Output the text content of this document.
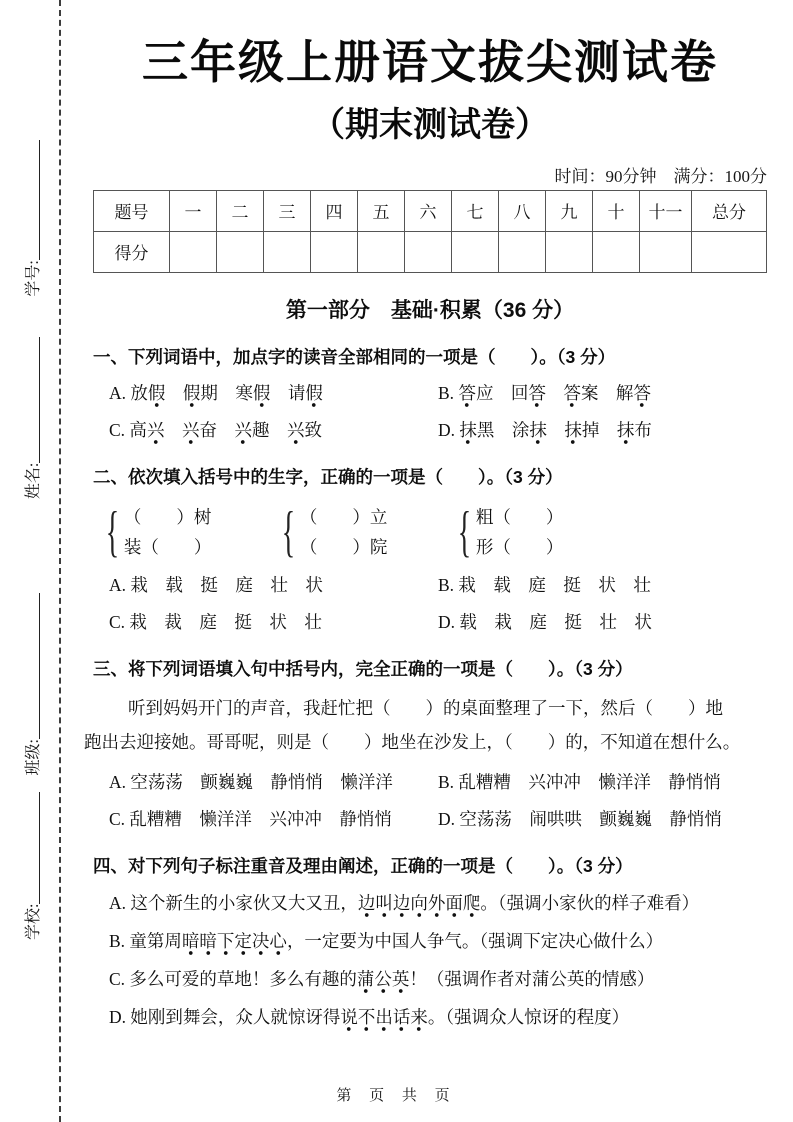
学校:
班级:
姓名:
学号:
三年级上册语文拔尖测试卷
（期末测试卷）
时间：90分钟　满分：100分
题号	一	二	三	四	五	六	七	八	九	十	十一	总分
得分												
第一部分　基础·积累（36 分）
一、下列词语中，加点字的读音全部相同的一项是（　　）。（3 分）
A. 放假　 假期　寒假　请假	B. 答应　回答　 答案　解答
C. 高兴　 兴奋　兴趣　兴致	D. 抹黑　涂抹　 抹掉　抹布
二、依次填入括号中的生字，正确的一项是（　　）。（3 分）
{ （　　）树
装（　　） { （　　）立
（　　）院 { 粗（　　）
形（　　）
A. 栽　载　挺　庭　壮　状	B. 栽　载　庭　挺　状　壮
C. 栽　裁　庭　挺　状　壮	D. 载　栽　庭　挺　壮　状
三、将下列词语填入句中括号内，完全正确的一项是（　　）。（3 分）
听到妈妈开门的声音，我赶忙把（　　）的桌面整理了一下，然后（　　）地
跑出去迎接她。哥哥呢，则是（　　）地坐在沙发上，（　　）的，不知道在想什么。
A. 空荡荡　颤巍巍　静悄悄　懒洋洋	B. 乱糟糟　兴冲冲　懒洋洋　静悄悄
C. 乱糟糟　懒洋洋　兴冲冲　静悄悄	D. 空荡荡　闹哄哄　颤巍巍　静悄悄
四、对下列句子标注重音及理由阐述，正确的一项是（　　）。（3 分）
A. 这个新生的小家伙又大又丑，边叫边向外面爬。（强调小家伙的样子难看）
B. 童第周暗暗下定决心，一定要为中国人争气。（强调下定决心做什么）
C. 多么可爱的草地！多么有趣的蒲公英！（强调作者对蒲公英的情感）
D. 她刚到舞会，众人就惊讶得说不出话来。（强调众人惊讶的程度）
第 页 共 页
